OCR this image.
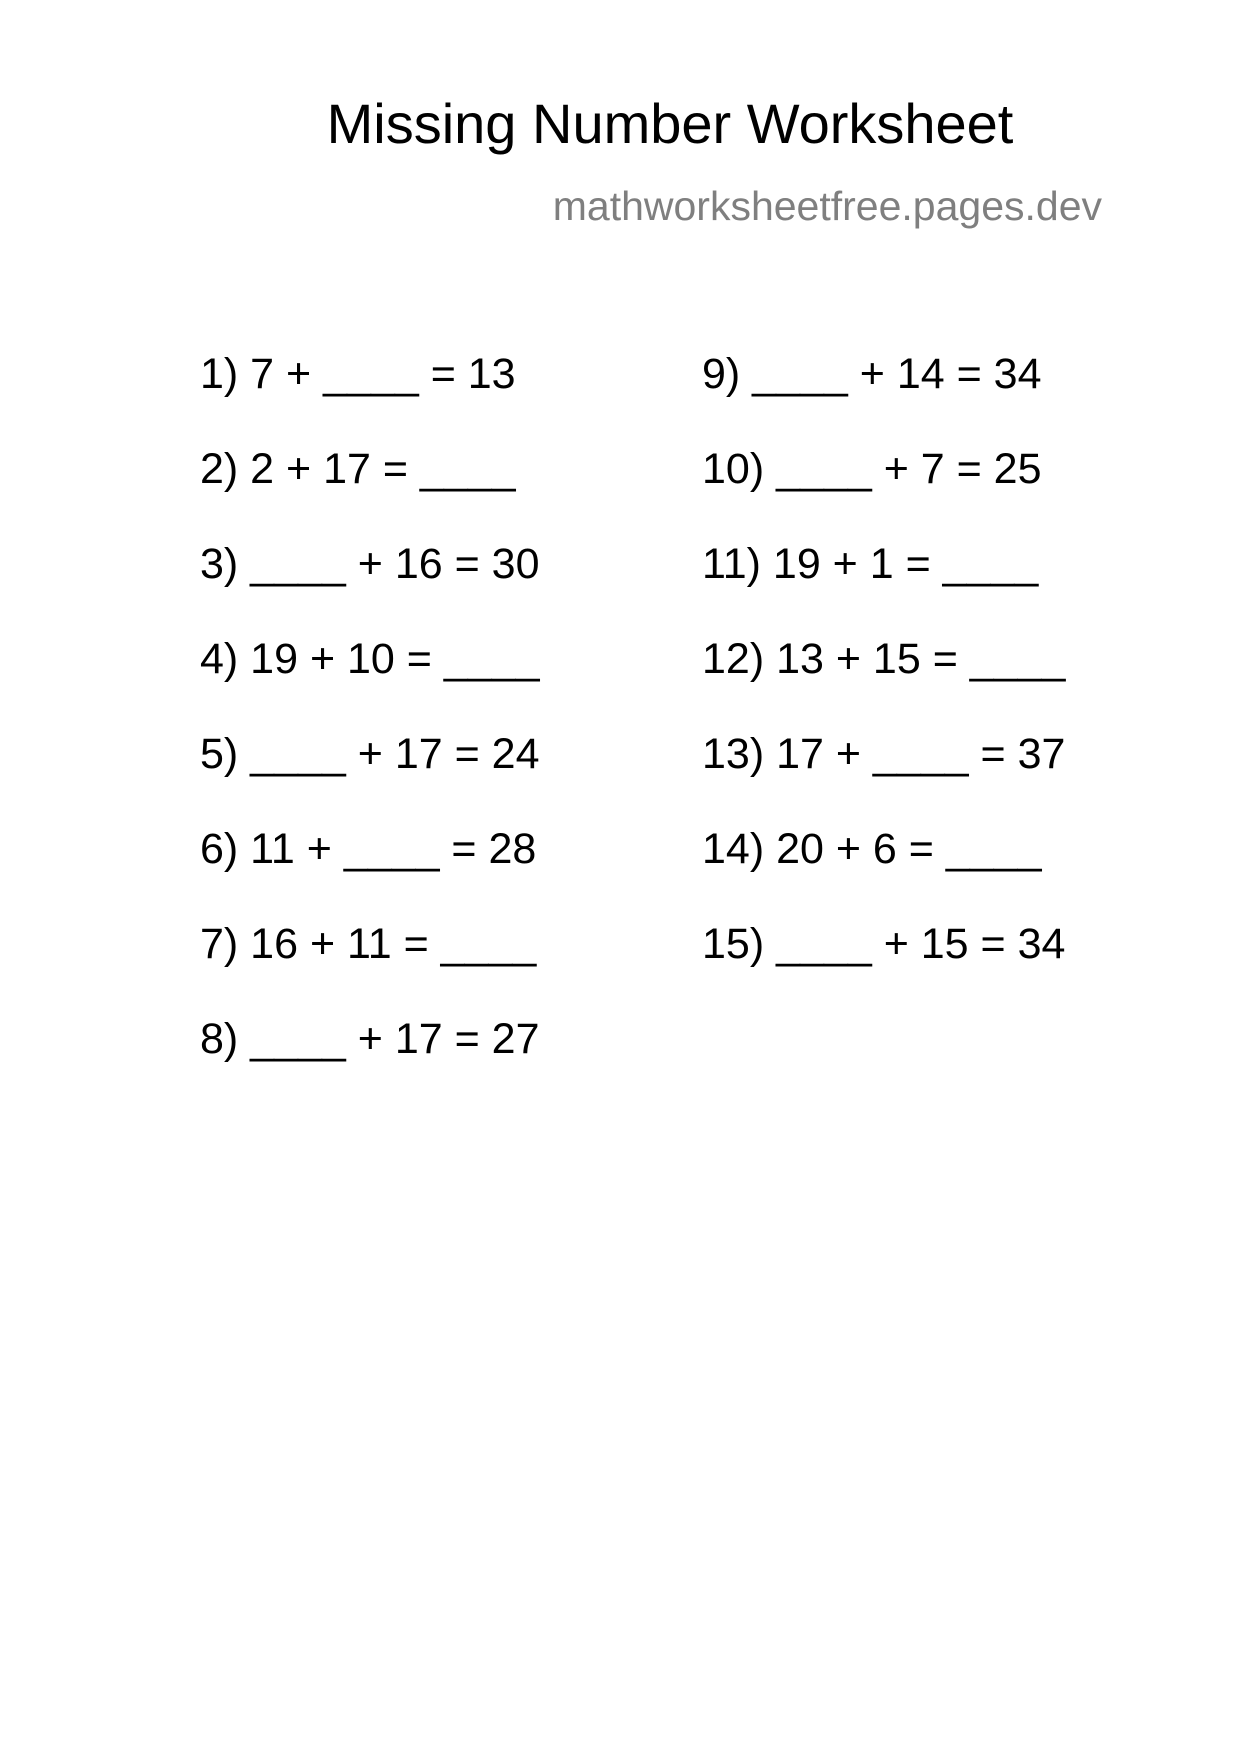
Missing Number Worksheet
mathworksheetfree.pages.dev
1) 7 + ____ = 13
2) 2 + 17 = ____
3) ____ + 16 = 30
4) 19 + 10 = ____
5) ____ + 17 = 24
6) 11 + ____ = 28
7) 16 + 11 = ____
8) ____ + 17 = 27
9) ____ + 14 = 34
10) ____ + 7 = 25
11) 19 + 1 = ____
12) 13 + 15 = ____
13) 17 + ____ = 37
14) 20 + 6 = ____
15) ____ + 15 = 34
